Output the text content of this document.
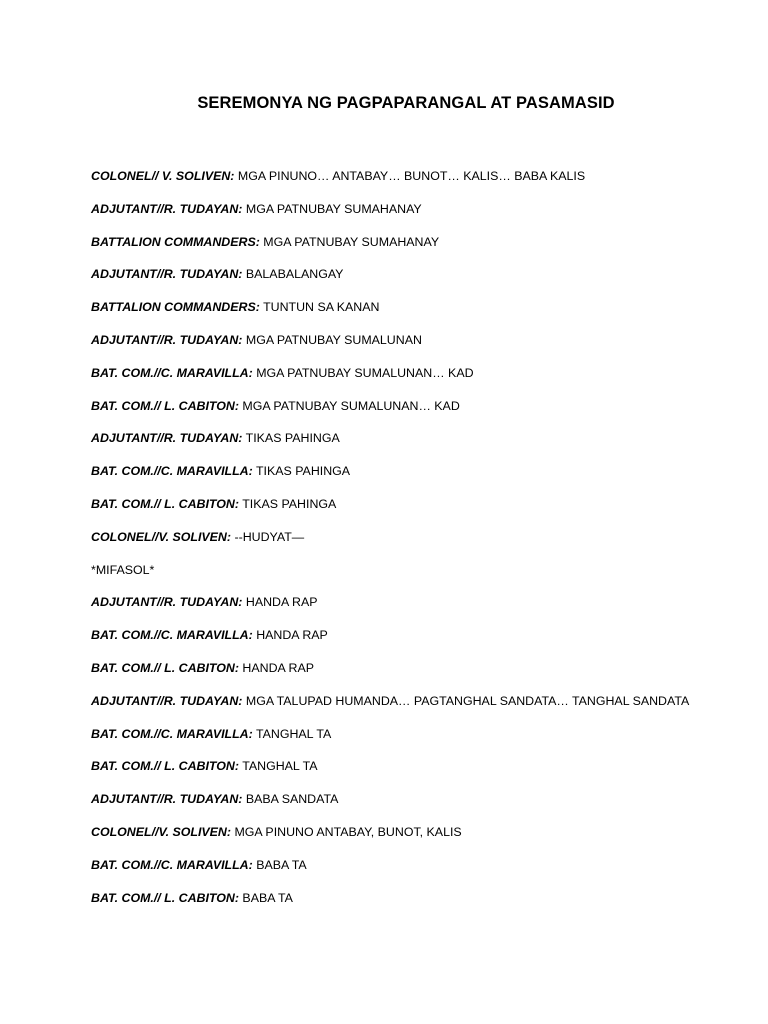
SEREMONYA NG PAGPAPARANGAL AT PASAMASID
COLONEL// V. SOLIVEN: MGA PINUNO… ANTABAY… BUNOT… KALIS… BABA KALIS
ADJUTANT//R. TUDAYAN: MGA PATNUBAY SUMAHANAY
BATTALION COMMANDERS: MGA PATNUBAY SUMAHANAY
ADJUTANT//R. TUDAYAN: BALABALANGAY
BATTALION COMMANDERS: TUNTUN SA KANAN
ADJUTANT//R. TUDAYAN: MGA PATNUBAY SUMALUNAN
BAT. COM.//C. MARAVILLA: MGA PATNUBAY SUMALUNAN… KAD
BAT. COM.// L. CABITON: MGA PATNUBAY SUMALUNAN… KAD
ADJUTANT//R. TUDAYAN: TIKAS PAHINGA
BAT. COM.//C. MARAVILLA: TIKAS PAHINGA
BAT. COM.// L. CABITON: TIKAS PAHINGA
COLONEL//V. SOLIVEN: --HUDYAT—
*MIFASOL*
ADJUTANT//R. TUDAYAN: HANDA RAP
BAT. COM.//C. MARAVILLA: HANDA RAP
BAT. COM.// L. CABITON: HANDA RAP
ADJUTANT//R. TUDAYAN: MGA TALUPAD HUMANDA… PAGTANGHAL SANDATA… TANGHAL SANDATA
BAT. COM.//C. MARAVILLA: TANGHAL TA
BAT. COM.// L. CABITON: TANGHAL TA
ADJUTANT//R. TUDAYAN: BABA SANDATA
COLONEL//V. SOLIVEN: MGA PINUNO ANTABAY, BUNOT, KALIS
BAT. COM.//C. MARAVILLA: BABA TA
BAT. COM.// L. CABITON: BABA TA
